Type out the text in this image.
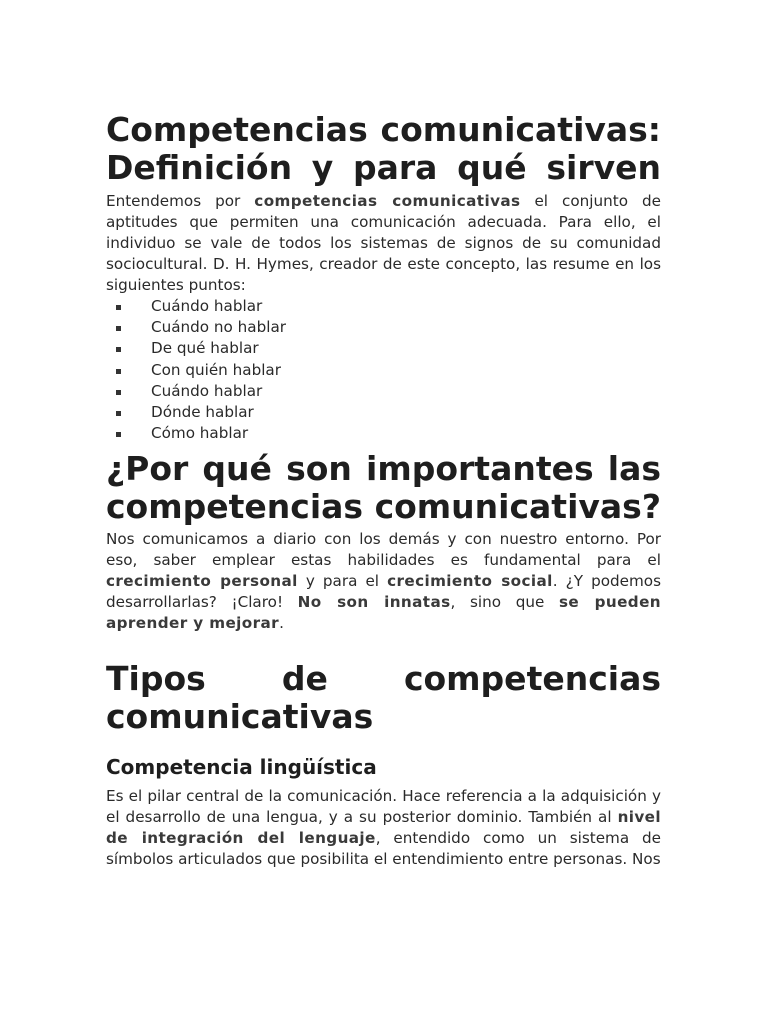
Competencias comunicativas:
Definición y para qué sirven

Entendemos por competencias comunicativas el conjunto de aptitudes que permiten una comunicación adecuada. Para ello, el individuo se vale de todos los sistemas de signos de su comunidad sociocultural. D. H. Hymes, creador de este concepto, las resume en los siguientes puntos:

Cuándo hablar
Cuándo no hablar
De qué hablar
Con quién hablar
Cuándo hablar
Dónde hablar
Cómo hablar
¿Por qué son importantes las competencias comunicativas?

Nos comunicamos a diario con los demás y con nuestro entorno. Por eso, saber emplear estas habilidades es fundamental para el crecimiento personal y para el crecimiento social. ¿Y podemos desarrollarlas? ¡Claro! No son innatas, sino que se pueden aprender y mejorar.

Tipos de competencias
comunicativas
Competencia lingüística

Es el pilar central de la comunicación. Hace referencia a la adquisición y el desarrollo de una lengua, y a su posterior dominio. También al nivel de integración del lenguaje, entendido como un sistema de símbolos articulados que posibilita el entendimiento entre personas. Nos
